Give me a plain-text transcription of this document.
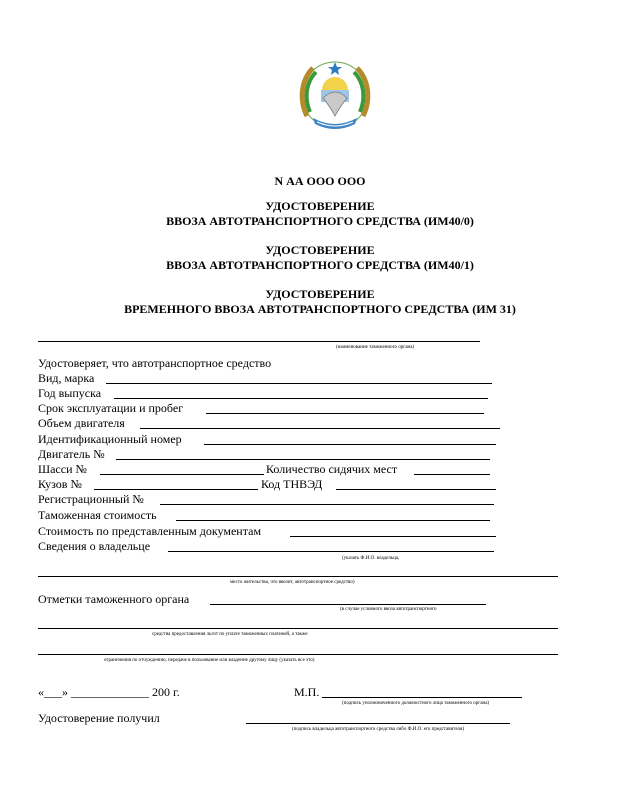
N АА ООО ООО
УДОСТОВЕРЕНИЕ
ВВОЗА АВТОТРАНСПОРТНОГО СРЕДСТВА (ИМ40/0)
УДОСТОВЕРЕНИЕ
ВВОЗА АВТОТРАНСПОРТНОГО СРЕДСТВА (ИМ40/1)
УДОСТОВЕРЕНИЕ
ВРЕМЕННОГО ВВОЗА АВТОТРАНСПОРТНОГО СРЕДСТВА (ИМ 31)
(наименование таможенного органа)
Удостоверяет, что автотранспортное средство
Вид, марка
Год выпуска
Срок эксплуатации и пробег
Объем двигателя
Идентификационный номер
Двигатель №
Шасси №	Количество сидячих мест
Кузов №	Код ТНВЭД
Регистрационный №
Таможенная стоимость
Стоимость по представленным документам
Сведения о владельце
(указать Ф.И.О. владельца,
место жительства, что ввозит, автотранспортное средство)
Отметки таможенного органа
(в случае условного ввоза автотранспортного
средства предоставления льгот по уплате таможенных платежей, а также
ограничения по отчуждению, передаче в пользование или владение другому лицу (указать все это)
«___» _____________ 200 г.	М.П.
(подпись уполномоченного должностного лица таможенного органа)
Удостоверение получил
(подпись владельца автотранспортного средства либо Ф.И.О. его представителя)
